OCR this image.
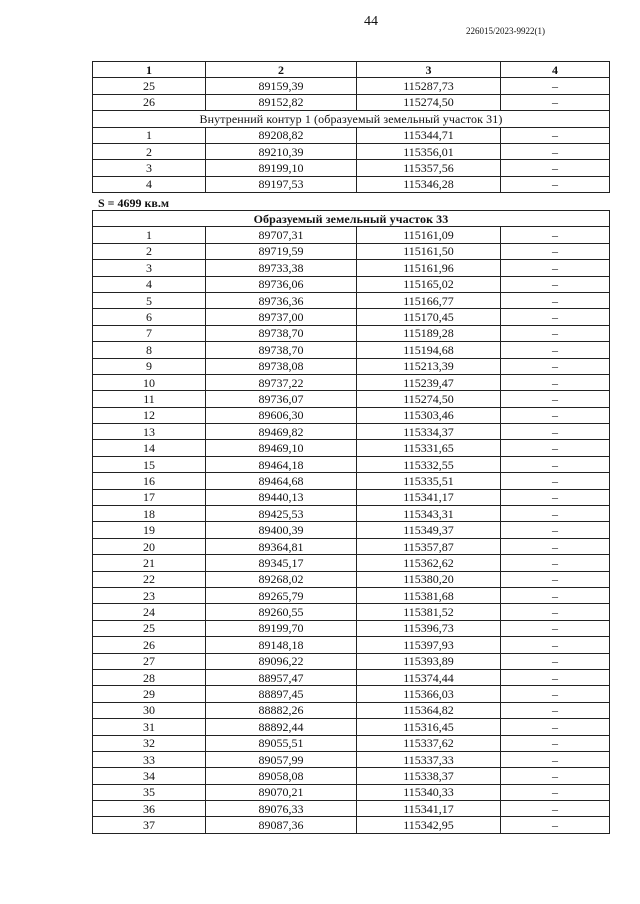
44
226015/2023-9922(1)
1	2	3	4
25	89159,39	115287,73	–
26	89152,82	115274,50	–
Внутренний контур 1 (образуемый земельный участок 31)			
1	89208,82	115344,71	–
2	89210,39	115356,01	–
3	89199,10	115357,56	–
4	89197,53	115346,28	–
S = 4699 кв.м
Образуемый земельный участок 33			
1	89707,31	115161,09	–
2	89719,59	115161,50	–
3	89733,38	115161,96	–
4	89736,06	115165,02	–
5	89736,36	115166,77	–
6	89737,00	115170,45	–
7	89738,70	115189,28	–
8	89738,70	115194,68	–
9	89738,08	115213,39	–
10	89737,22	115239,47	–
11	89736,07	115274,50	–
12	89606,30	115303,46	–
13	89469,82	115334,37	–
14	89469,10	115331,65	–
15	89464,18	115332,55	–
16	89464,68	115335,51	–
17	89440,13	115341,17	–
18	89425,53	115343,31	–
19	89400,39	115349,37	–
20	89364,81	115357,87	–
21	89345,17	115362,62	–
22	89268,02	115380,20	–
23	89265,79	115381,68	–
24	89260,55	115381,52	–
25	89199,70	115396,73	–
26	89148,18	115397,93	–
27	89096,22	115393,89	–
28	88957,47	115374,44	–
29	88897,45	115366,03	–
30	88882,26	115364,82	–
31	88892,44	115316,45	–
32	89055,51	115337,62	–
33	89057,99	115337,33	–
34	89058,08	115338,37	–
35	89070,21	115340,33	–
36	89076,33	115341,17	–
37	89087,36	115342,95	–
